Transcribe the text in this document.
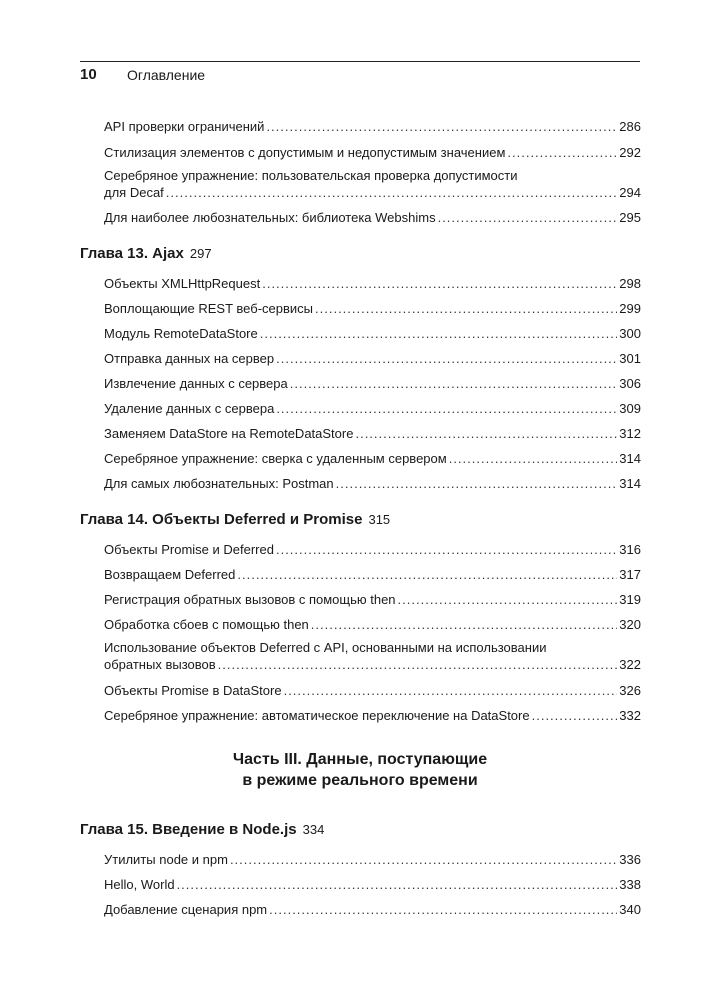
10 Оглавление
API проверки ограничений .....	286
Стилизация элементов с допустимым и недопустимым значением .....	292
Серебряное упражнение: пользовательская проверка допустимости
для Decaf .....	294
Для наиболее любознательных: библиотека Webshims .....	295
Глава 13. Ajax 297
Объекты XMLHttpRequest .....	298
Воплощающие REST веб-сервисы .....	299
Модуль RemoteDataStore .....	300
Отправка данных на сервер .....	301
Извлечение данных с сервера .....	306
Удаление данных с сервера .....	309
Заменяем DataStore на RemoteDataStore .....	312
Серебряное упражнение: сверка с удаленным сервером .....	314
Для самых любознательных: Postman .....	314
Глава 14. Объекты Deferred и Promise 315
Объекты Promise и Deferred .....	316
Возвращаем Deferred .....	317
Регистрация обратных вызовов с помощью then .....	319
Обработка сбоев с помощью then .....	320
Использование объектов Deferred с API, основанными на использовании
обратных вызовов .....	322
Объекты Promise в DataStore .....	326
Серебряное упражнение: автоматическое переключение на DataStore .....	332
Глава 15. Введение в Node.js 334
Утилиты node и npm .....	336
Hello, World .....	338
Добавление сценария npm .....	340
Часть III. Данные, поступающие
в режиме реального времени
